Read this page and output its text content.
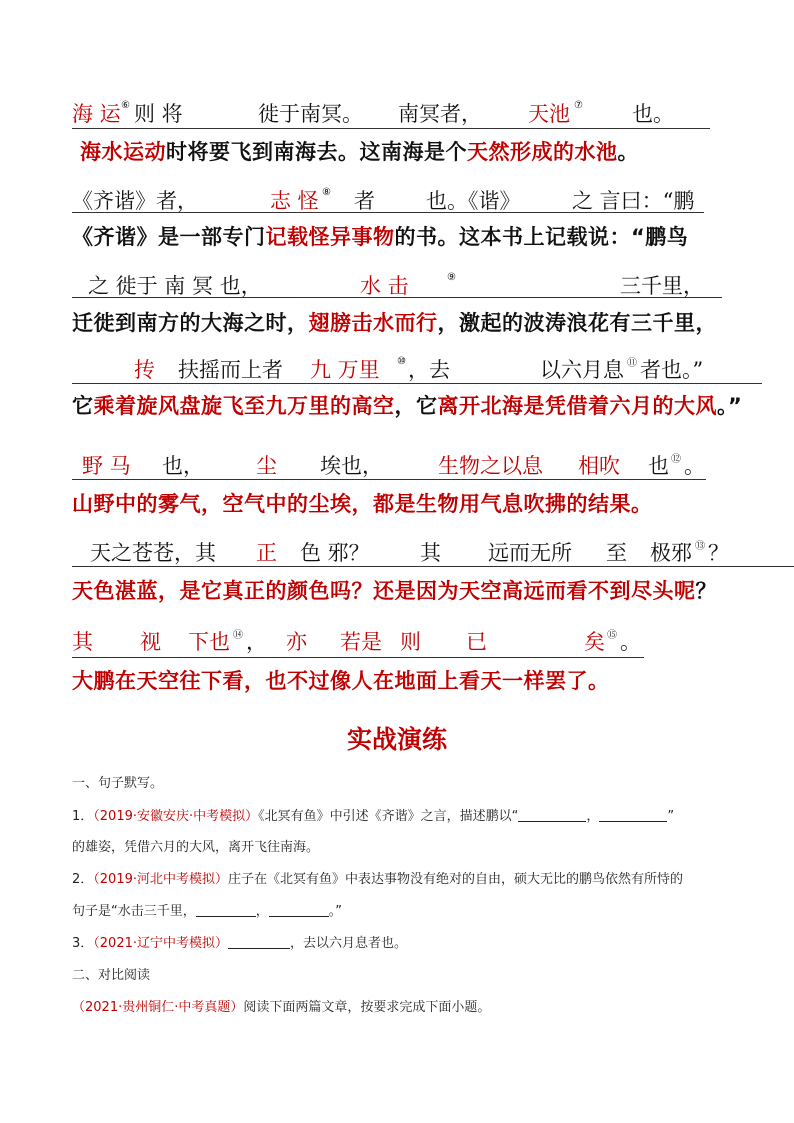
海 运 ⑥ 则 将	徙于南冥。 南冥者， 天池 ⑦ 也。
海水运动时将要飞到南海去。这南海是个天然形成的水池。
《齐谐》者，	志 怪 ⑧ 者 也。《谐》 之 言曰：“鹏
《齐谐》是一部专门记载怪异事物的书。这本书上记载说：“鹏鸟
之 徙于 南 冥 也，	水 击	⑨	三千里，
迁徙到南方的大海之时，翅膀击水而行，激起的波涛浪花有三千里，
抟 扶摇而上者 九 万里 ⑩ ，去	以六月息 ⑪ 者也。”
它乘着旋风盘旋飞至九万里的高空，它离开北海是凭借着六月的大风。”
野 马 也， 尘 埃也，	生物之以息 相吹 也 ⑫ 。
山野中的雾气，空气中的尘埃，都是生物用气息吹拂的结果。
天之苍苍，其 正 色 邪？ 其 远而无所 至 极邪 ⑬ ？
天色湛蓝，是它真正的颜色吗？还是因为天空高远而看不到尽头呢？
其 视 下也 ⑭ ， 亦 若是 则 已	矣 ⑮ 。
大鹏在天空往下看，也不过像人在地面上看天一样罢了。
实战演练
一、句子默写。
1．（2019·安徽安庆·中考模拟）《北冥有鱼》中引述《齐谐》之言，描述鹏以“	，	”
的雄姿，凭借六月的大风，离开飞往南海。
2．（2019·河北中考模拟）庄子在《北冥有鱼》中表达事物没有绝对的自由，硕大无比的鹏鸟依然有所恃的
句子是“水击三千里，	，	。”
3．（2021·辽宁中考模拟）	，去以六月息者也。
二、对比阅读
（2021·贵州铜仁·中考真题）阅读下面两篇文章，按要求完成下面小题。
